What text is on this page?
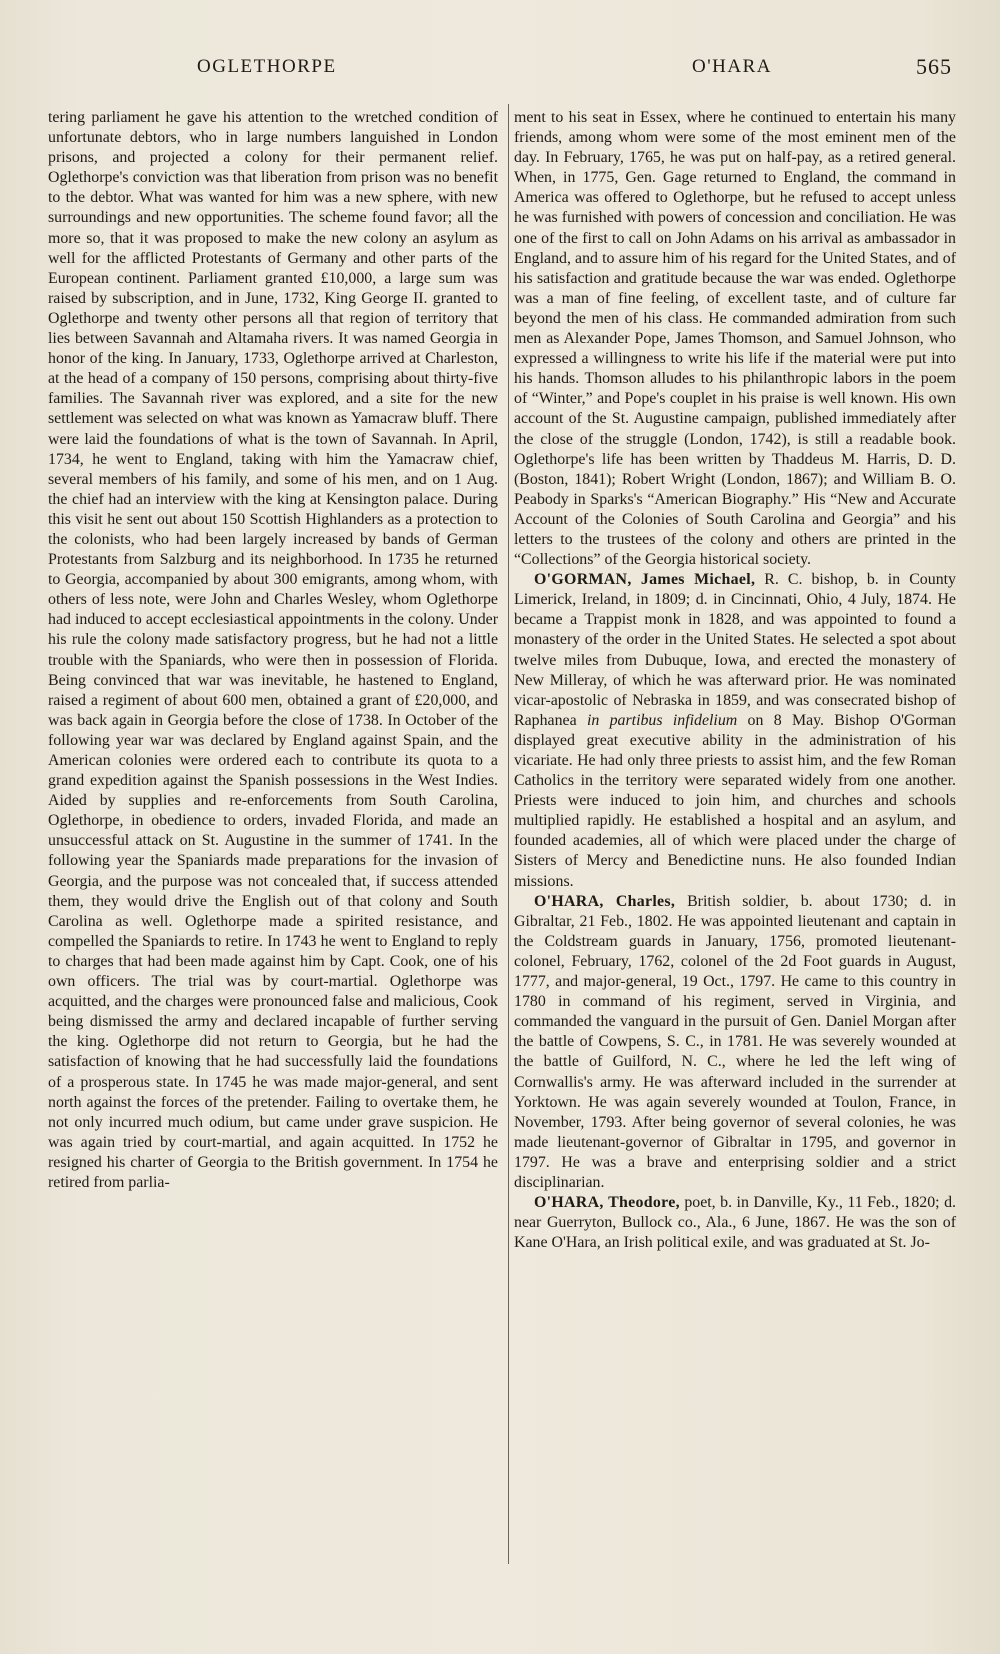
OGLETHORPE	O'HARA	565

tering parliament he gave his attention to the wretched condition of unfortunate debtors, who in large numbers languished in London prisons, and projected a colony for their permanent relief. Oglethorpe's conviction was that liberation from prison was no benefit to the debtor. What was wanted for him was a new sphere, with new surroundings and new opportunities. The scheme found favor; all the more so, that it was proposed to make the new colony an asylum as well for the afflicted Protestants of Germany and other parts of the European continent. Parliament granted £10,000, a large sum was raised by subscription, and in June, 1732, King George II. granted to Oglethorpe and twenty other persons all that region of territory that lies between Savannah and Altamaha rivers. It was named Georgia in honor of the king. In January, 1733, Oglethorpe arrived at Charleston, at the head of a company of 150 persons, comprising about thirty-five families. The Savannah river was explored, and a site for the new settlement was selected on what was known as Yamacraw bluff. There were laid the foundations of what is the town of Savannah. In April, 1734, he went to England, taking with him the Yamacraw chief, several members of his family, and some of his men, and on 1 Aug. the chief had an interview with the king at Kensington palace. During this visit he sent out about 150 Scottish Highlanders as a protection to the colonists, who had been largely increased by bands of German Protestants from Salzburg and its neighborhood. In 1735 he returned to Georgia, accompanied by about 300 emigrants, among whom, with others of less note, were John and Charles Wesley, whom Oglethorpe had induced to accept ecclesiastical appointments in the colony. Under his rule the colony made satisfactory progress, but he had not a little trouble with the Spaniards, who were then in possession of Florida. Being convinced that war was inevitable, he hastened to England, raised a regiment of about 600 men, obtained a grant of £20,000, and was back again in Georgia before the close of 1738. In October of the following year war was declared by England against Spain, and the American colonies were ordered each to contribute its quota to a grand expedition against the Spanish possessions in the West Indies. Aided by supplies and re-enforcements from South Carolina, Oglethorpe, in obedience to orders, invaded Florida, and made an unsuccessful attack on St. Augustine in the summer of 1741. In the following year the Spaniards made preparations for the invasion of Georgia, and the purpose was not concealed that, if success attended them, they would drive the English out of that colony and South Carolina as well. Oglethorpe made a spirited resistance, and compelled the Spaniards to retire. In 1743 he went to England to reply to charges that had been made against him by Capt. Cook, one of his own officers. The trial was by court-martial. Oglethorpe was acquitted, and the charges were pronounced false and malicious, Cook being dismissed the army and declared incapable of further serving the king. Oglethorpe did not return to Georgia, but he had the satisfaction of knowing that he had successfully laid the foundations of a prosperous state. In 1745 he was made major-general, and sent north against the forces of the pretender. Failing to overtake them, he not only incurred much odium, but came under grave suspicion. He was again tried by court-martial, and again acquitted. In 1752 he resigned his charter of Georgia to the British government. In 1754 he retired from parlia-

ment to his seat in Essex, where he continued to entertain his many friends, among whom were some of the most eminent men of the day. In February, 1765, he was put on half-pay, as a retired general. When, in 1775, Gen. Gage returned to England, the command in America was offered to Oglethorpe, but he refused to accept unless he was furnished with powers of concession and conciliation. He was one of the first to call on John Adams on his arrival as ambassador in England, and to assure him of his regard for the United States, and of his satisfaction and gratitude because the war was ended. Oglethorpe was a man of fine feeling, of excellent taste, and of culture far beyond the men of his class. He commanded admiration from such men as Alexander Pope, James Thomson, and Samuel Johnson, who expressed a willingness to write his life if the material were put into his hands. Thomson alludes to his philanthropic labors in the poem of “Winter,” and Pope's couplet in his praise is well known. His own account of the St. Augustine campaign, published immediately after the close of the struggle (London, 1742), is still a readable book. Oglethorpe's life has been written by Thaddeus M. Harris, D. D. (Boston, 1841); Robert Wright (London, 1867); and William B. O. Peabody in Sparks's “American Biography.” His “New and Accurate Account of the Colonies of South Carolina and Georgia” and his letters to the trustees of the colony and others are printed in the “Collections” of the Georgia historical society.

O'GORMAN, James Michael, R. C. bishop, b. in County Limerick, Ireland, in 1809; d. in Cincinnati, Ohio, 4 July, 1874. He became a Trappist monk in 1828, and was appointed to found a monastery of the order in the United States. He selected a spot about twelve miles from Dubuque, Iowa, and erected the monastery of New Milleray, of which he was afterward prior. He was nominated vicar-apostolic of Nebraska in 1859, and was consecrated bishop of Raphanea in partibus infidelium on 8 May. Bishop O'Gorman displayed great executive ability in the administration of his vicariate. He had only three priests to assist him, and the few Roman Catholics in the territory were separated widely from one another. Priests were induced to join him, and churches and schools multiplied rapidly. He established a hospital and an asylum, and founded academies, all of which were placed under the charge of Sisters of Mercy and Benedictine nuns. He also founded Indian missions.

O'HARA, Charles, British soldier, b. about 1730; d. in Gibraltar, 21 Feb., 1802. He was appointed lieutenant and captain in the Coldstream guards in January, 1756, promoted lieutenant-colonel, February, 1762, colonel of the 2d Foot guards in August, 1777, and major-general, 19 Oct., 1797. He came to this country in 1780 in command of his regiment, served in Virginia, and commanded the vanguard in the pursuit of Gen. Daniel Morgan after the battle of Cowpens, S. C., in 1781. He was severely wounded at the battle of Guilford, N. C., where he led the left wing of Cornwallis's army. He was afterward included in the surrender at Yorktown. He was again severely wounded at Toulon, France, in November, 1793. After being governor of several colonies, he was made lieutenant-governor of Gibraltar in 1795, and governor in 1797. He was a brave and enterprising soldier and a strict disciplinarian.

O'HARA, Theodore, poet, b. in Danville, Ky., 11 Feb., 1820; d. near Guerryton, Bullock co., Ala., 6 June, 1867. He was the son of Kane O'Hara, an Irish political exile, and was graduated at St. Jo-
